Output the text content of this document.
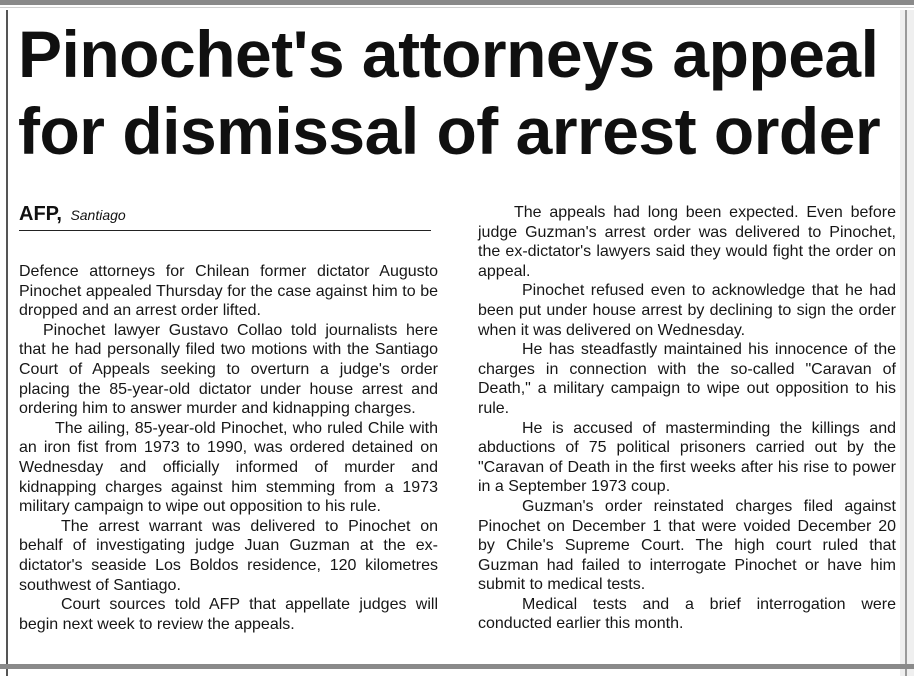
Pinochet's attorneys appeal
for dismissal of arrest order
AFP, Santiago

Defence attorneys for Chilean former dictator Augusto Pinochet appealed Thursday for the case against him to be dropped and an arrest order lifted.

Pinochet lawyer Gustavo Collao told journalists here that he had personally filed two motions with the Santiago Court of Appeals seeking to overturn a judge's order placing the 85-year-old dictator under house arrest and ordering him to answer murder and kidnapping charges.

The ailing, 85-year-old Pinochet, who ruled Chile with an iron fist from 1973 to 1990, was ordered detained on Wednesday and officially informed of murder and kidnapping charges against him stemming from a 1973 military campaign to wipe out opposition to his rule.

The arrest warrant was delivered to Pinochet on behalf of investigating judge Juan Guzman at the ex-dictator's seaside Los Boldos residence, 120 kilometres southwest of Santiago.

Court sources told AFP that appellate judges will begin next week to review the appeals.

The appeals had long been expected. Even before judge Guzman's arrest order was delivered to Pinochet, the ex-dictator's lawyers said they would fight the order on appeal.

Pinochet refused even to acknowledge that he had been put under house arrest by declining to sign the order when it was delivered on Wednesday.

He has steadfastly maintained his innocence of the charges in connection with the so-called "Caravan of Death," a military campaign to wipe out opposition to his rule.

He is accused of masterminding the killings and abductions of 75 political prisoners carried out by the "Caravan of Death in the first weeks after his rise to power in a September 1973 coup.

Guzman's order reinstated charges filed against Pinochet on December 1 that were voided December 20 by Chile's Supreme Court. The high court ruled that Guzman had failed to interrogate Pinochet or have him submit to medical tests.

Medical tests and a brief interrogation were conducted earlier this month.
